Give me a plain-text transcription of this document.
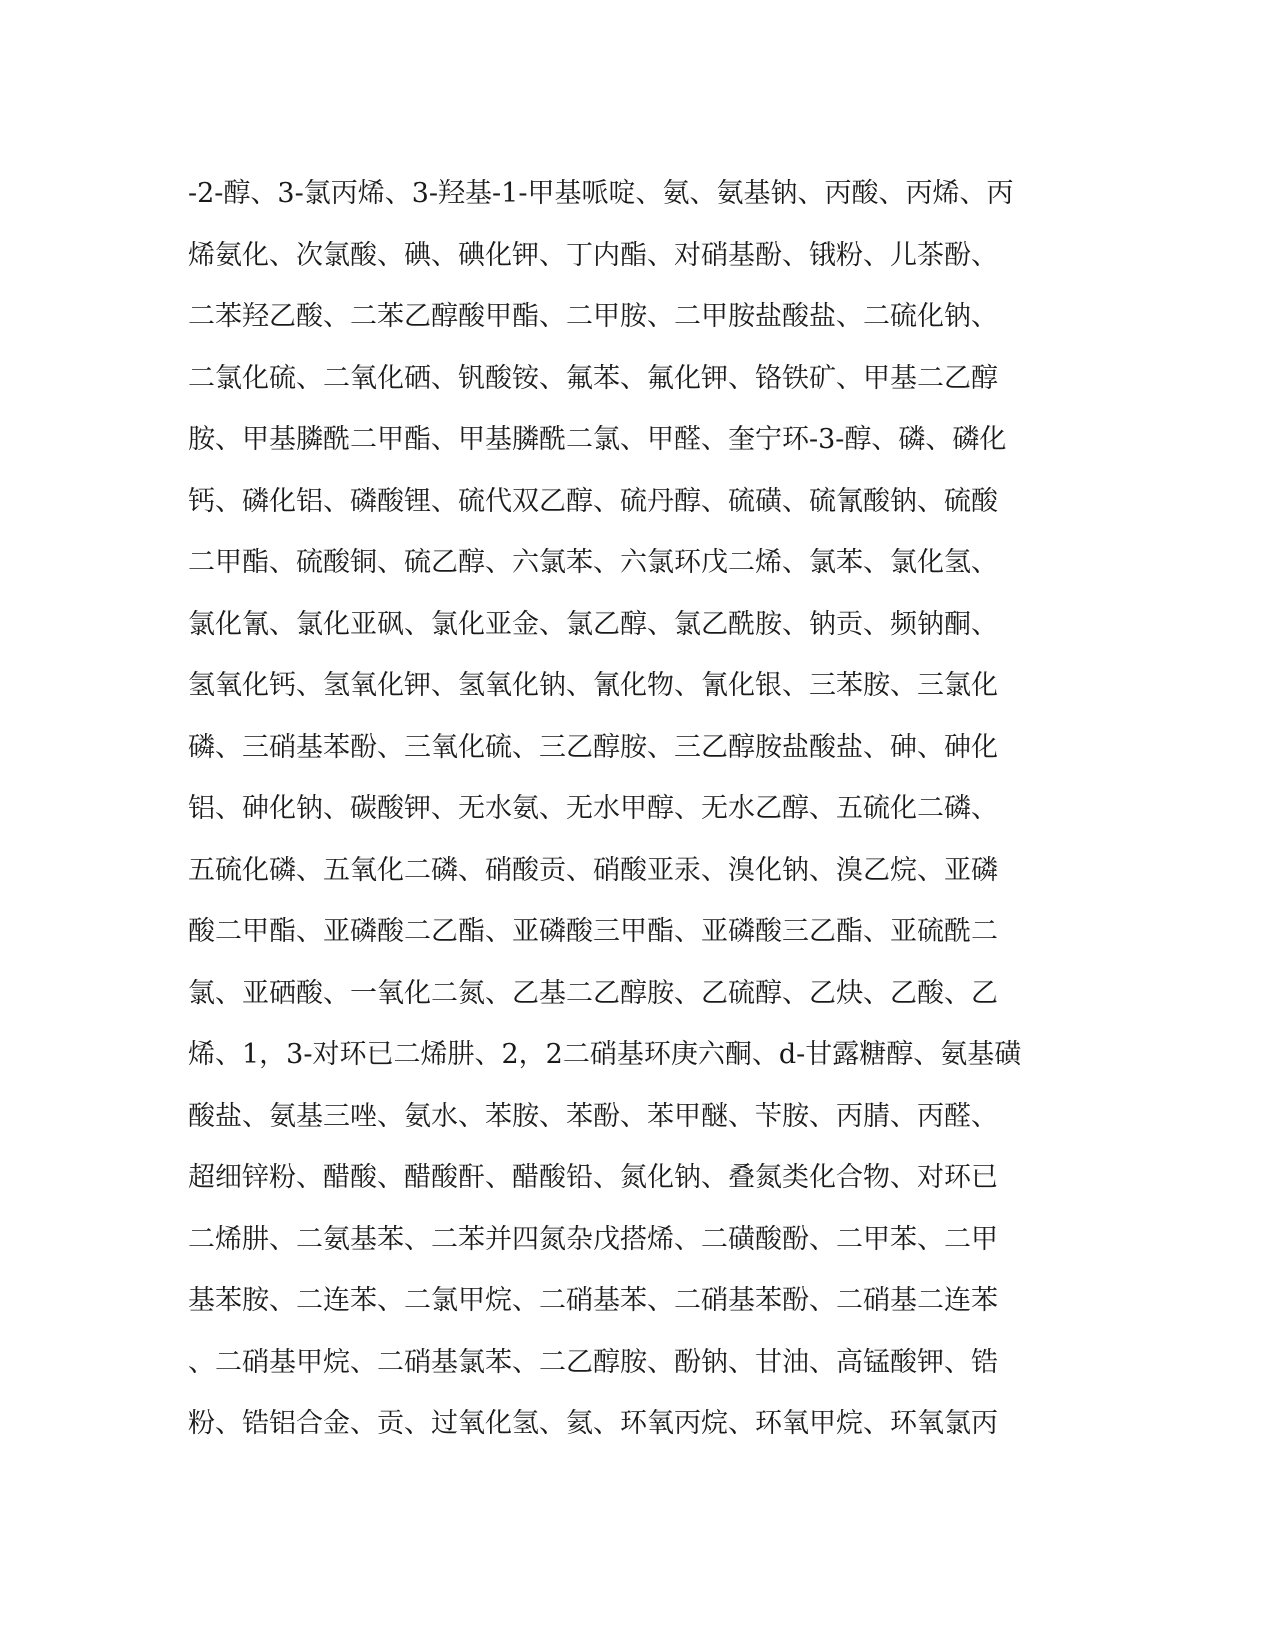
-2-醇、3-氯丙烯、3-羟基-1-甲基哌啶、氨、氨基钠、丙酸、丙烯、丙
烯氨化、次氯酸、碘、碘化钾、丁内酯、对硝基酚、锇粉、儿茶酚、
二苯羟乙酸、二苯乙醇酸甲酯、二甲胺、二甲胺盐酸盐、二硫化钠、
二氯化硫、二氧化硒、钒酸铵、氟苯、氟化钾、铬铁矿、甲基二乙醇
胺、甲基膦酰二甲酯、甲基膦酰二氯、甲醛、奎宁环-3-醇、磷、磷化
钙、磷化铝、磷酸锂、硫代双乙醇、硫丹醇、硫磺、硫氰酸钠、硫酸
二甲酯、硫酸铜、硫乙醇、六氯苯、六氯环戊二烯、氯苯、氯化氢、
氯化氰、氯化亚砜、氯化亚金、氯乙醇、氯乙酰胺、钠贡、频钠酮、
氢氧化钙、氢氧化钾、氢氧化钠、氰化物、氰化银、三苯胺、三氯化
磷、三硝基苯酚、三氧化硫、三乙醇胺、三乙醇胺盐酸盐、砷、砷化
铝、砷化钠、碳酸钾、无水氨、无水甲醇、无水乙醇、五硫化二磷、
五硫化磷、五氧化二磷、硝酸贡、硝酸亚汞、溴化钠、溴乙烷、亚磷
酸二甲酯、亚磷酸二乙酯、亚磷酸三甲酯、亚磷酸三乙酯、亚硫酰二
氯、亚硒酸、一氧化二氮、乙基二乙醇胺、乙硫醇、乙炔、乙酸、乙
烯、1，3-对环已二烯肼、2，2二硝基环庚六酮、d-甘露糖醇、氨基磺
酸盐、氨基三唑、氨水、苯胺、苯酚、苯甲醚、苄胺、丙腈、丙醛、
超细锌粉、醋酸、醋酸酐、醋酸铅、氮化钠、叠氮类化合物、对环已
二烯肼、二氨基苯、二苯并四氮杂戊搭烯、二磺酸酚、二甲苯、二甲
基苯胺、二连苯、二氯甲烷、二硝基苯、二硝基苯酚、二硝基二连苯
、二硝基甲烷、二硝基氯苯、二乙醇胺、酚钠、甘油、高锰酸钾、锆
粉、锆铝合金、贡、过氧化氢、氦、环氧丙烷、环氧甲烷、环氧氯丙
